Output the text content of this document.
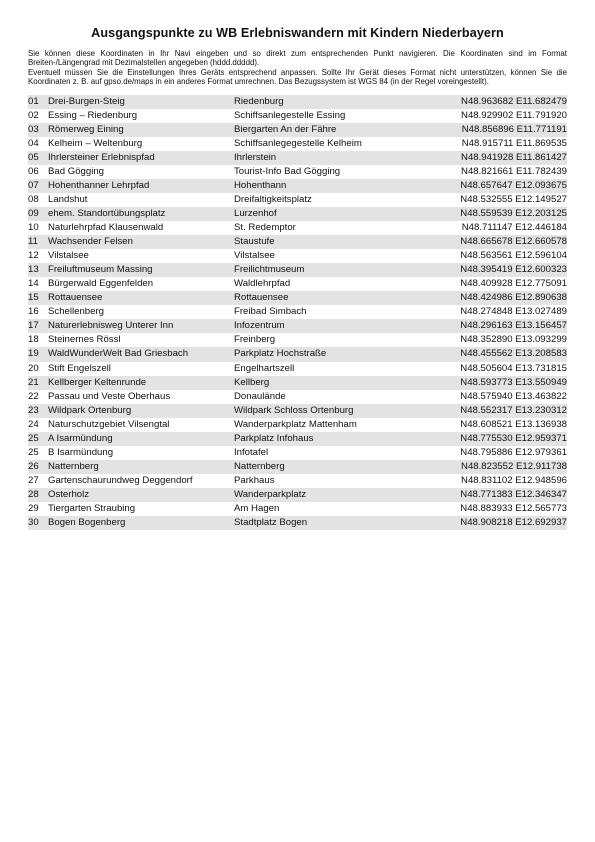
Ausgangspunkte zu WB Erlebniswandern mit Kindern Niederbayern

Sie können diese Koordinaten in Ihr Navi eingeben und so direkt zum entsprechenden Punkt navigieren. Die Koordinaten sind im Format Breiten-/Längengrad mit Dezimalstellen angegeben (hddd.ddddd).

Eventuell müssen Sie die Einstellungen Ihres Geräts entsprechend anpassen. Sollte Ihr Gerät dieses Format nicht unterstützen, können Sie die Koordinaten z. B. auf gpso.de/maps in ein anderes Format umrechnen. Das Bezugssystem ist WGS 84 (in der Regel voreingestellt).

01	Drei-Burgen-Steig	Riedenburg	N48.963682 E11.682479
02	Essing – Riedenburg	Schiffsanlegestelle Essing	N48.929902 E11.791920
03	Römerweg Eining	Biergarten An der Fähre	N48.856896 E11.771191
04	Kelheim – Weltenburg	Schiffsanlegegestelle Kelheim	N48.915711 E11.869535
05	Ihrlersteiner Erlebnispfad	Ihrlerstein	N48.941928 E11.861427
06	Bad Gögging	Tourist-Info Bad Gögging	N48.821661 E11.782439
07	Hohenthanner Lehrpfad	Hohenthann	N48.657647 E12.093675
08	Landshut	Dreifaltigkeitsplatz	N48.532555 E12.149527
09	ehem. Standortübungsplatz	Lurzenhof	N48.559539 E12.203125
10	Naturlehrpfad Klausenwald	St. Redemptor	N48.711147 E12.446184
11	Wachsender Felsen	Staustufe	N48.665678 E12.660578
12	Vilstalsee	Vilstalsee	N48.563561 E12.596104
13	Freiluftmuseum Massing	Freilichtmuseum	N48.395419 E12.600323
14	Bürgerwald Eggenfelden	Waldlehrpfad	N48.409928 E12.775091
15	Rottauensee	Rottauensee	N48.424986 E12.890638
16	Schellenberg	Freibad Simbach	N48.274848 E13.027489
17	Naturerlebnisweg Unterer Inn	Infozentrum	N48.296163 E13.156457
18	Steinernes Rössl	Freinberg	N48.352890 E13.093299
19	WaldWunderWelt Bad Griesbach	Parkplatz Hochstraße	N48.455562 E13.208583
20	Stift Engelszell	Engelhartszell	N48.505604 E13.731815
21	Kellberger Keltenrunde	Kellberg	N48.593773 E13.550949
22	Passau und Veste Oberhaus	Donaulände	N48.575940 E13.463822
23	Wildpark Ortenburg	Wildpark Schloss Ortenburg	N48.552317 E13.230312
24	Naturschutzgebiet Vilsengtal	Wanderparkplatz Mattenham	N48.608521 E13.136938
25	A Isarmündung	Parkplatz Infohaus	N48.775530 E12.959371
25	B Isarmündung	Infotafel	N48.795886 E12.979361
26	Natternberg	Natternberg	N48.823552 E12.911738
27	Gartenschaurundweg Deggendorf	Parkhaus	N48.831102 E12.948596
28	Osterholz	Wanderparkplatz	N48.771383 E12.346347
29	Tiergarten Straubing	Am Hagen	N48.883933 E12.565773
30	Bogen Bogenberg	Stadtplatz Bogen	N48.908218 E12.692937
